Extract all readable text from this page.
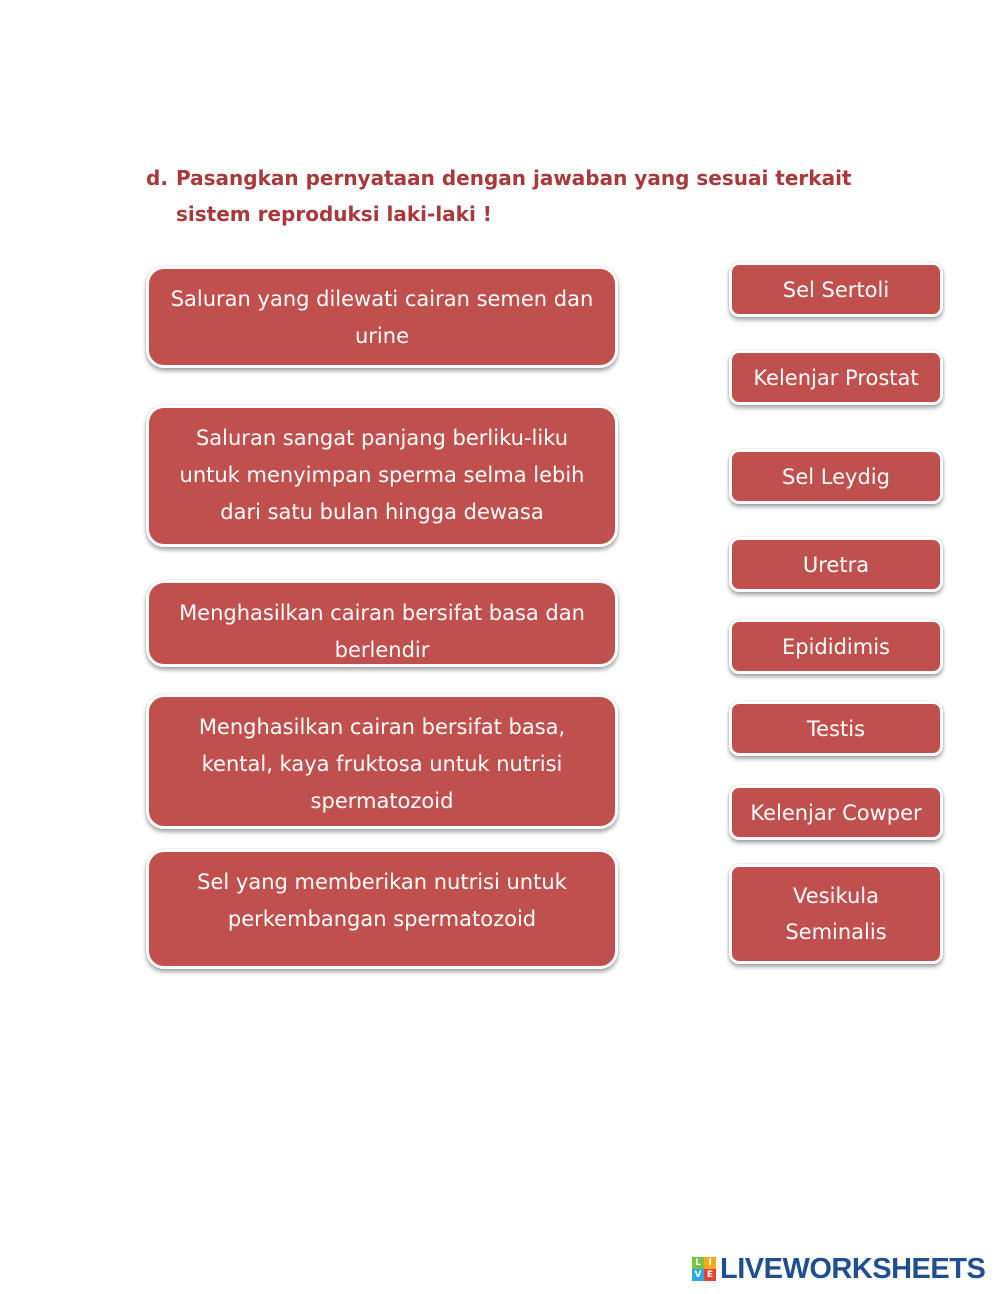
d. Pasangkan pernyataan dengan jawaban yang sesuai terkait sistem reproduksi laki-laki !
Saluran yang dilewati cairan semen dan urine
Saluran sangat panjang berliku-liku untuk menyimpan sperma selma lebih dari satu bulan hingga dewasa
Menghasilkan cairan bersifat basa dan berlendir
Menghasilkan cairan bersifat basa, kental, kaya fruktosa untuk nutrisi spermatozoid
Sel yang memberikan nutrisi untuk perkembangan spermatozoid
Sel Sertoli
Kelenjar Prostat
Sel Leydig
Uretra
Epididimis
Testis
Kelenjar Cowper
Vesikula Seminalis
L I
V E LIVEWORKSHEETS
